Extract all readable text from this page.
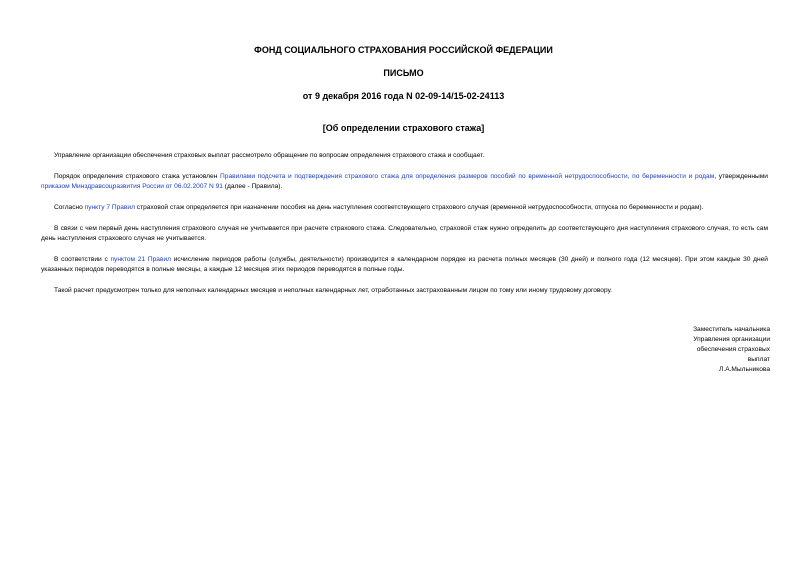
ФОНД СОЦИАЛЬНОГО СТРАХОВАНИЯ РОССИЙСКОЙ ФЕДЕРАЦИИ
ПИСЬМО
от 9 декабря 2016 года N 02-09-14/15-02-24113
[Об определении страхового стажа]
Управление организации обеспечения страховых выплат рассмотрело обращение по вопросам определения страхового стажа и сообщает.
Порядок определения страхового стажа установлен Правилами подсчета и подтверждения страхового стажа для определения размеров пособий по временной нетрудоспособности, по беременности и родам, утвержденными приказом Минздравсоцразвития России от 06.02.2007 N 91 (далее - Правила).
Согласно пункту 7 Правил страховой стаж определяется при назначении пособия на день наступления соответствующего страхового случая (временной нетрудоспособности, отпуска по беременности и родам).
В связи с чем первый день наступления страхового случая не учитывается при расчете страхового стажа. Следовательно, страховой стаж нужно определить до соответствующего дня наступления страхового случая, то есть сам день наступления страхового случая не учитывается.
В соответствии с пунктом 21 Правил исчисление периодов работы (службы, деятельности) производится в календарном порядке из расчета полных месяцев (30 дней) и полного года (12 месяцев). При этом каждые 30 дней указанных периодов переводятся в полные месяцы, а каждые 12 месяцев этих периодов переводятся в полные годы.
Такой расчет предусмотрен только для неполных календарных месяцев и неполных календарных лет, отработанных застрахованным лицом по тому или иному трудовому договору.
Заместитель начальника
Управления организации
обеспечения страховых
выплат
Л.А.Мыльникова
